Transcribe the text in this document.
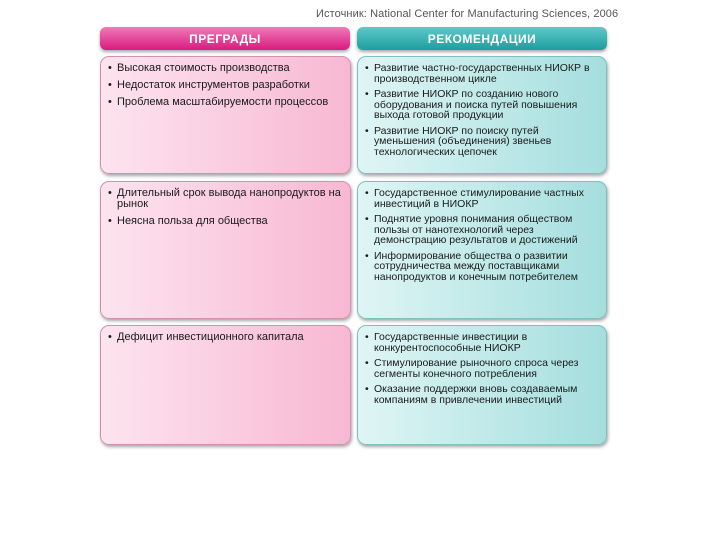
Источник: National Center for Manufacturing Sciences, 2006
ПРЕГРАДЫ	РЕКОМЕНДАЦИИ
• Высокая стоимость производства
• Недостаток инструментов разработки
• Проблема масштабируемости процессов
• Развитие частно-государственных НИОКР в производственном цикле
• Развитие НИОКР по созданию нового оборудования и поиска путей повышения выхода готовой продукции
• Развитие НИОКР по поиску путей уменьшения (объединения) звеньев технологических цепочек
• Длительный срок вывода нанопродуктов на рынок
• Неясна польза для общества
• Государственное стимулирование частных инвестиций в НИОКР
• Поднятие уровня понимания обществом пользы от нанотехнологий через демонстрацию результатов и достижений
• Информирование общества о развитии сотрудничества между поставщиками нанопродуктов и конечным потребителем
• Дефицит инвестиционного капитала	• Государственные инвестиции в конкурентоспособные НИОКР
• Стимулирование рыночного спроса через сегменты конечного потребления
• Оказание поддержки вновь создаваемым компаниям в привлечении инвестиций
